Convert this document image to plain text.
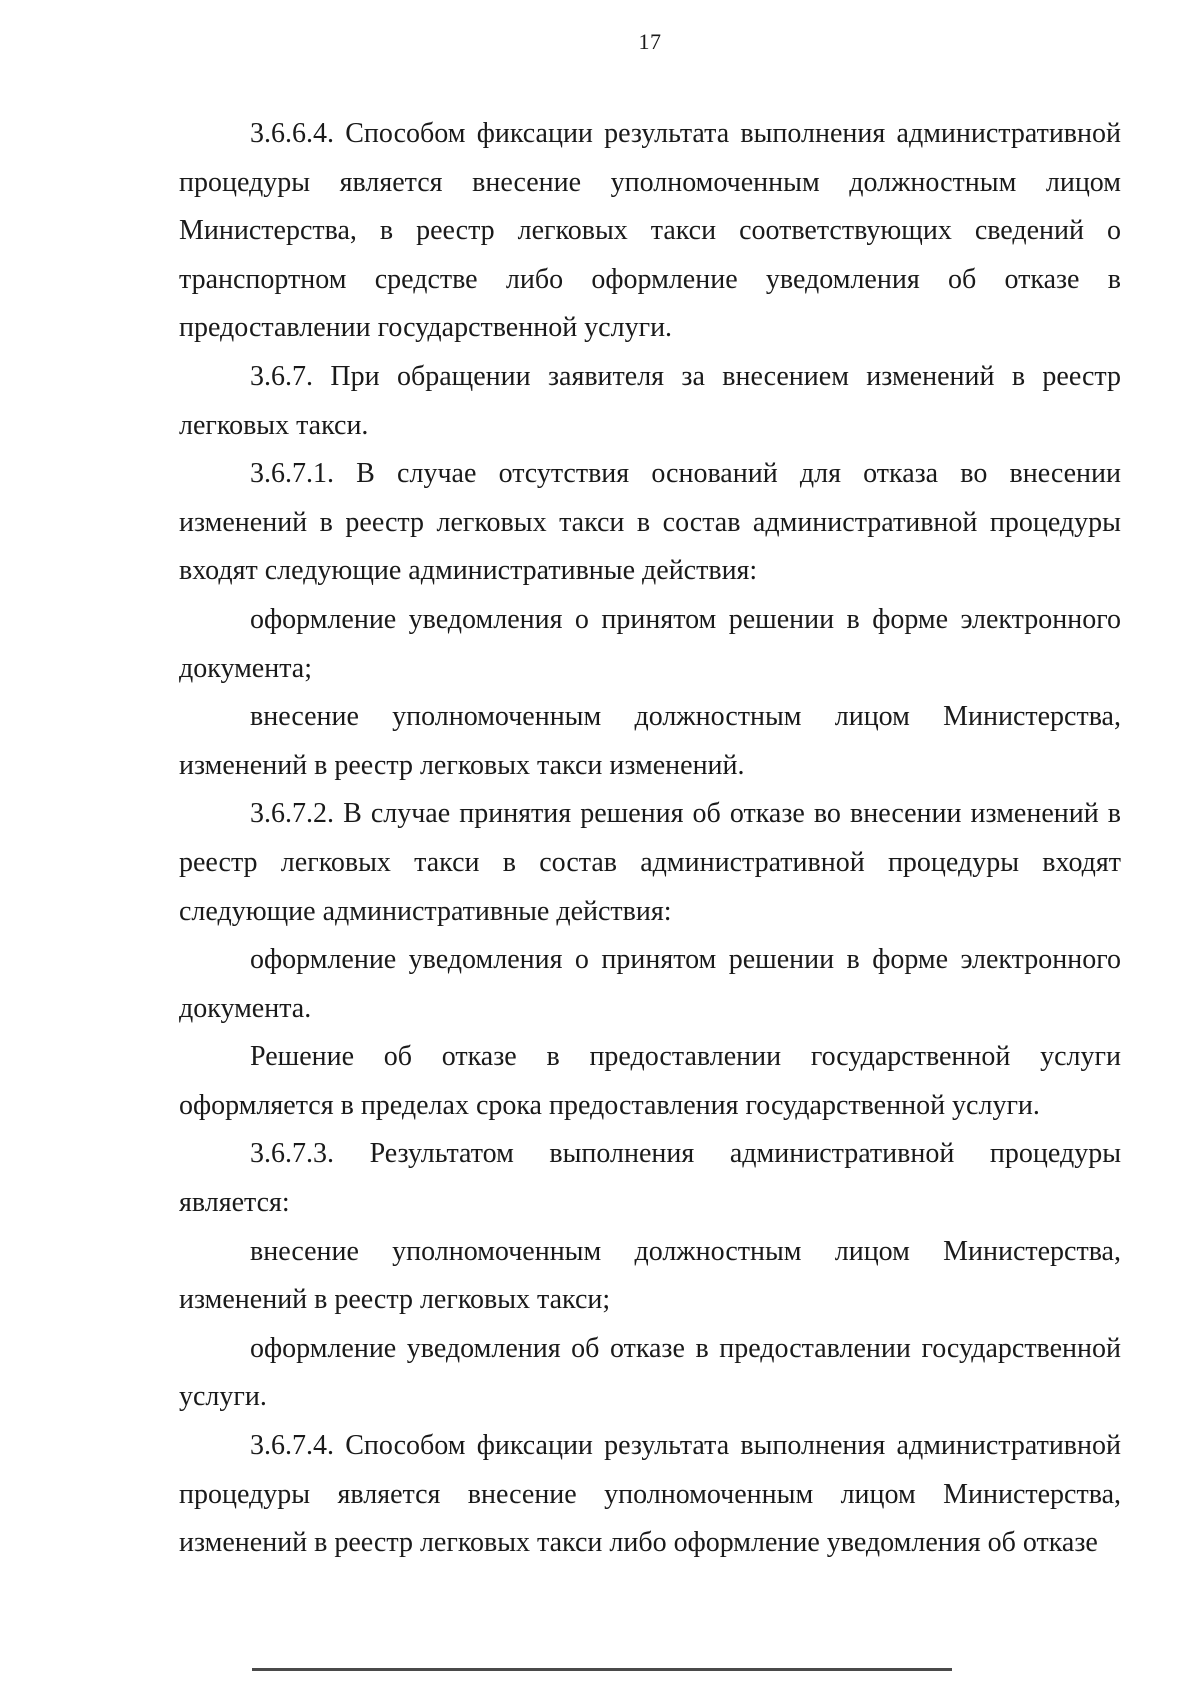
17

3.6.6.4. Способом фиксации результата выполнения административной процедуры является внесение уполномоченным должностным лицом Министерства, в реестр легковых такси соответствующих сведений о транспортном средстве либо оформление уведомления об отказе в предоставлении государственной услуги.

3.6.7. При обращении заявителя за внесением изменений в реестр легковых такси.

3.6.7.1. В случае отсутствия оснований для отказа во внесении изменений в реестр легковых такси в состав административной процедуры входят следующие административные действия:

оформление уведомления о принятом решении в форме электронного документа;

внесение уполномоченным должностным лицом Министерства, изменений в реестр легковых такси изменений.

3.6.7.2. В случае принятия решения об отказе во внесении изменений в реестр легковых такси в состав административной процедуры входят следующие административные действия:

оформление уведомления о принятом решении в форме электронного документа.

Решение об отказе в предоставлении государственной услуги оформляется в пределах срока предоставления государственной услуги.

3.6.7.3. Результатом выполнения административной процедуры является:

внесение уполномоченным должностным лицом Министерства, изменений в реестр легковых такси;

оформление уведомления об отказе в предоставлении государственной услуги.

3.6.7.4. Способом фиксации результата выполнения административной процедуры является внесение уполномоченным лицом Министерства, изменений в реестр легковых такси либо оформление уведомления об отказе
